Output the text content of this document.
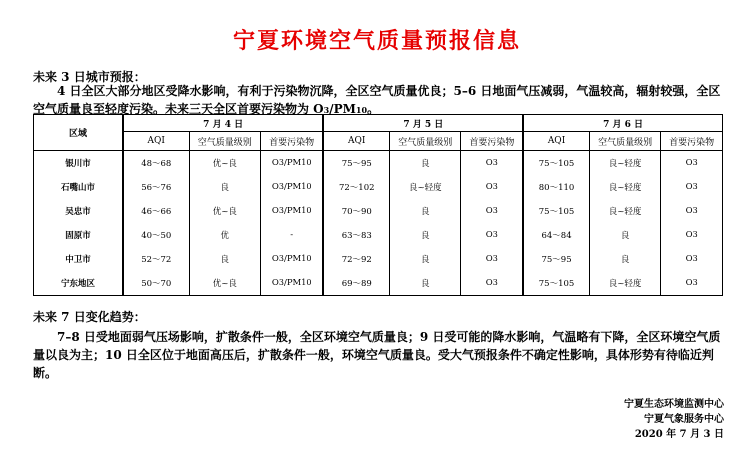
宁夏环境空气质量预报信息
未来 3 日城市预报：
4 日全区大部分地区受降水影响，有利于污染物沉降，全区空气质量优良；5–6 日地面气压减弱，气温较高，辐射较强，全区空气质量良至轻度污染。未来三天全区首要污染物为 O3/PM10。
区域	7 月 4 日			7 月 5 日			7 月 6 日		
	AQI	空气质量级别	首要污染物	AQI	空气质量级别	首要污染物	AQI	空气质量级别	首要污染物
银川市	48～68	优~良	O3/PM10	75～95	良	O3	75～105	良~轻度	O3
石嘴山市	56～76	良	O3/PM10	72～102	良~轻度	O3	80～110	良~轻度	O3
吴忠市	46～66	优~良	O3/PM10	70～90	良	O3	75～105	良~轻度	O3
固原市	40～50	优	-	63～83	良	O3	64～84	良	O3
中卫市	52～72	良	O3/PM10	72～92	良	O3	75～95	良	O3
宁东地区	50～70	优~良	O3/PM10	69～89	良	O3	75～105	良~轻度	O3
未来 7 日变化趋势：
7–8 日受地面弱气压场影响，扩散条件一般，全区环境空气质量良；9 日受可能的降水影响，气温略有下降，全区环境空气质量以良为主；10 日全区位于地面高压后，扩散条件一般，环境空气质量良。受大气预报条件不确定性影响，具体形势有待临近判断。
宁夏生态环境监测中心
宁夏气象服务中心
2020 年 7 月 3 日
